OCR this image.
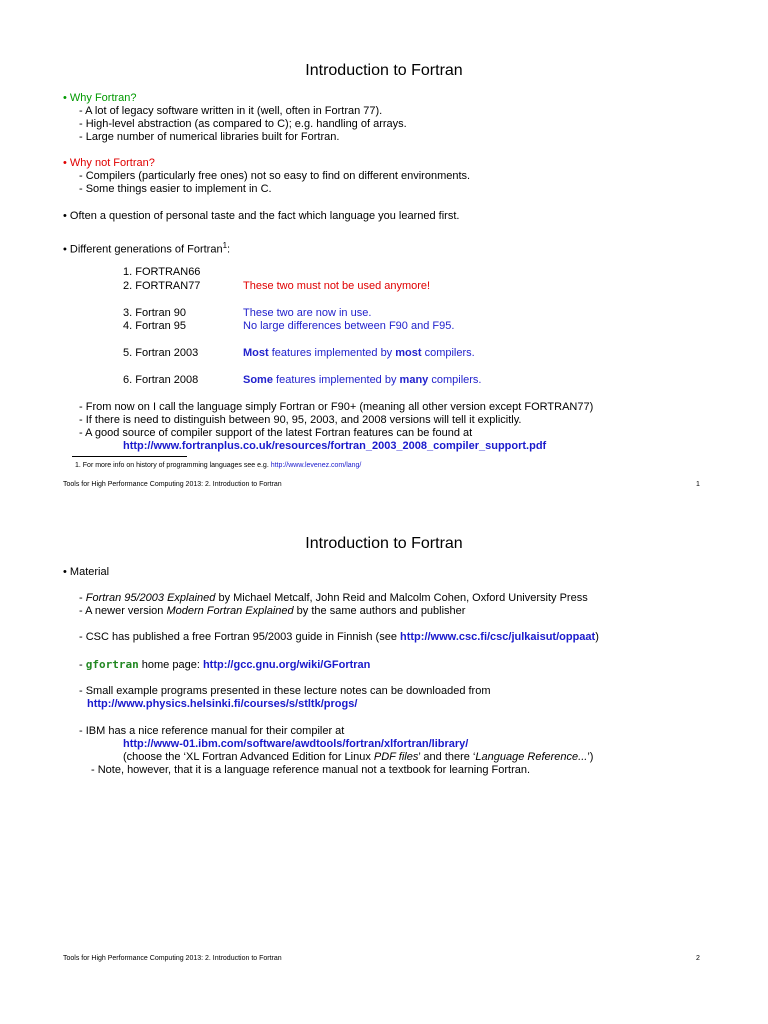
Introduction to Fortran
• Why Fortran?
- A lot of legacy software written in it (well, often in Fortran 77).
- High-level abstraction (as compared to C); e.g. handling of arrays.
- Large number of numerical libraries built for Fortran.
• Why not Fortran?
- Compilers (particularly free ones) not so easy to find on different environments.
- Some things easier to implement in C.
• Often a question of personal taste and the fact which language you learned first.
• Different generations of Fortran$^1$:
1. FORTRAN66
2. FORTRAN77	These two must not be used anymore!
3. Fortran 90	These two are now in use.
4. Fortran 95	No large differences between F90 and F95.
5. Fortran 2003	Most features implemented by most compilers.
6. Fortran 2008	Some features implemented by many compilers.
- From now on I call the language simply Fortran or F90+ (meaning all other version except FORTRAN77)
- If there is need to distinguish between 90, 95, 2003, and 2008 versions will tell it explicitly.
- A good source of compiler support of the latest Fortran features can be found at
http://www.fortranplus.co.uk/resources/fortran_2003_2008_compiler_support.pdf
1. For more info on history of programming languages see e.g. http://www.levenez.com/lang/
Tools for High Performance Computing 2013: 2. Introduction to Fortran	1
Introduction to Fortran
• Material
- Fortran 95/2003 Explained by Michael Metcalf, John Reid and Malcolm Cohen, Oxford University Press
- A newer version Modern Fortran Explained by the same authors and publisher
- CSC has published a free Fortran 95/2003 guide in Finnish (see http://www.csc.fi/csc/julkaisut/oppaat)
- gfortran home page: http://gcc.gnu.org/wiki/GFortran
- Small example programs presented in these lecture notes can be downloaded from
http://www.physics.helsinki.fi/courses/s/stltk/progs/
- IBM has a nice reference manual for their compiler at
http://www-01.ibm.com/software/awdtools/fortran/xlfortran/library/
(choose the ‘XL Fortran Advanced Edition for Linux PDF files’ and there ‘Language Reference...’)
- Note, however, that it is a language reference manual not a textbook for learning Fortran.
Tools for High Performance Computing 2013: 2. Introduction to Fortran	2
